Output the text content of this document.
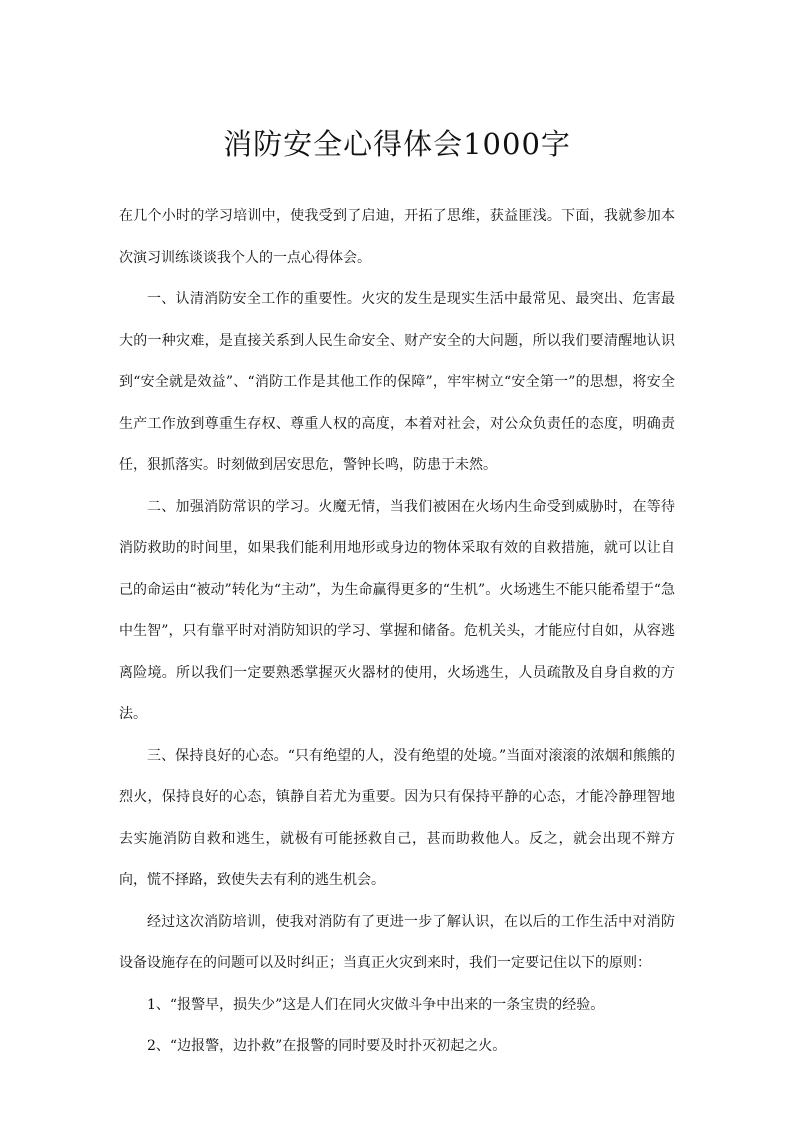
消防安全心得体会1000字

在几个小时的学习培训中，使我受到了启迪，开拓了思维，获益匪浅。下面，我就参加本次演习训练谈谈我个人的一点心得体会。

一、认清消防安全工作的重要性。火灾的发生是现实生活中最常见、最突出、危害最大的一种灾难，是直接关系到人民生命安全、财产安全的大问题，所以我们要清醒地认识到“安全就是效益”、“消防工作是其他工作的保障”，牢牢树立“安全第一”的思想，将安全生产工作放到尊重生存权、尊重人权的高度，本着对社会，对公众负责任的态度，明确责任，狠抓落实。时刻做到居安思危，警钟长鸣，防患于未然。

二、加强消防常识的学习。火魔无情，当我们被困在火场内生命受到威胁时，在等待消防救助的时间里，如果我们能利用地形或身边的物体采取有效的自救措施，就可以让自己的命运由“被动”转化为“主动”，为生命赢得更多的“生机”。火场逃生不能只能希望于“急中生智”，只有靠平时对消防知识的学习、掌握和储备。危机关头，才能应付自如，从容逃离险境。所以我们一定要熟悉掌握灭火器材的使用，火场逃生，人员疏散及自身自救的方法。

三、保持良好的心态。“只有绝望的人，没有绝望的处境。”当面对滚滚的浓烟和熊熊的烈火，保持良好的心态，镇静自若尤为重要。因为只有保持平静的心态，才能冷静理智地去实施消防自救和逃生，就极有可能拯救自己，甚而助救他人。反之，就会出现不辩方向，慌不择路，致使失去有利的逃生机会。

经过这次消防培训，使我对消防有了更进一步了解认识，在以后的工作生活中对消防设备设施存在的问题可以及时纠正；当真正火灾到来时，我们一定要记住以下的原则：

1、“报警早，损失少”这是人们在同火灾做斗争中出来的一条宝贵的经验。

2、“边报警，边扑救”在报警的同时要及时扑灭初起之火。
